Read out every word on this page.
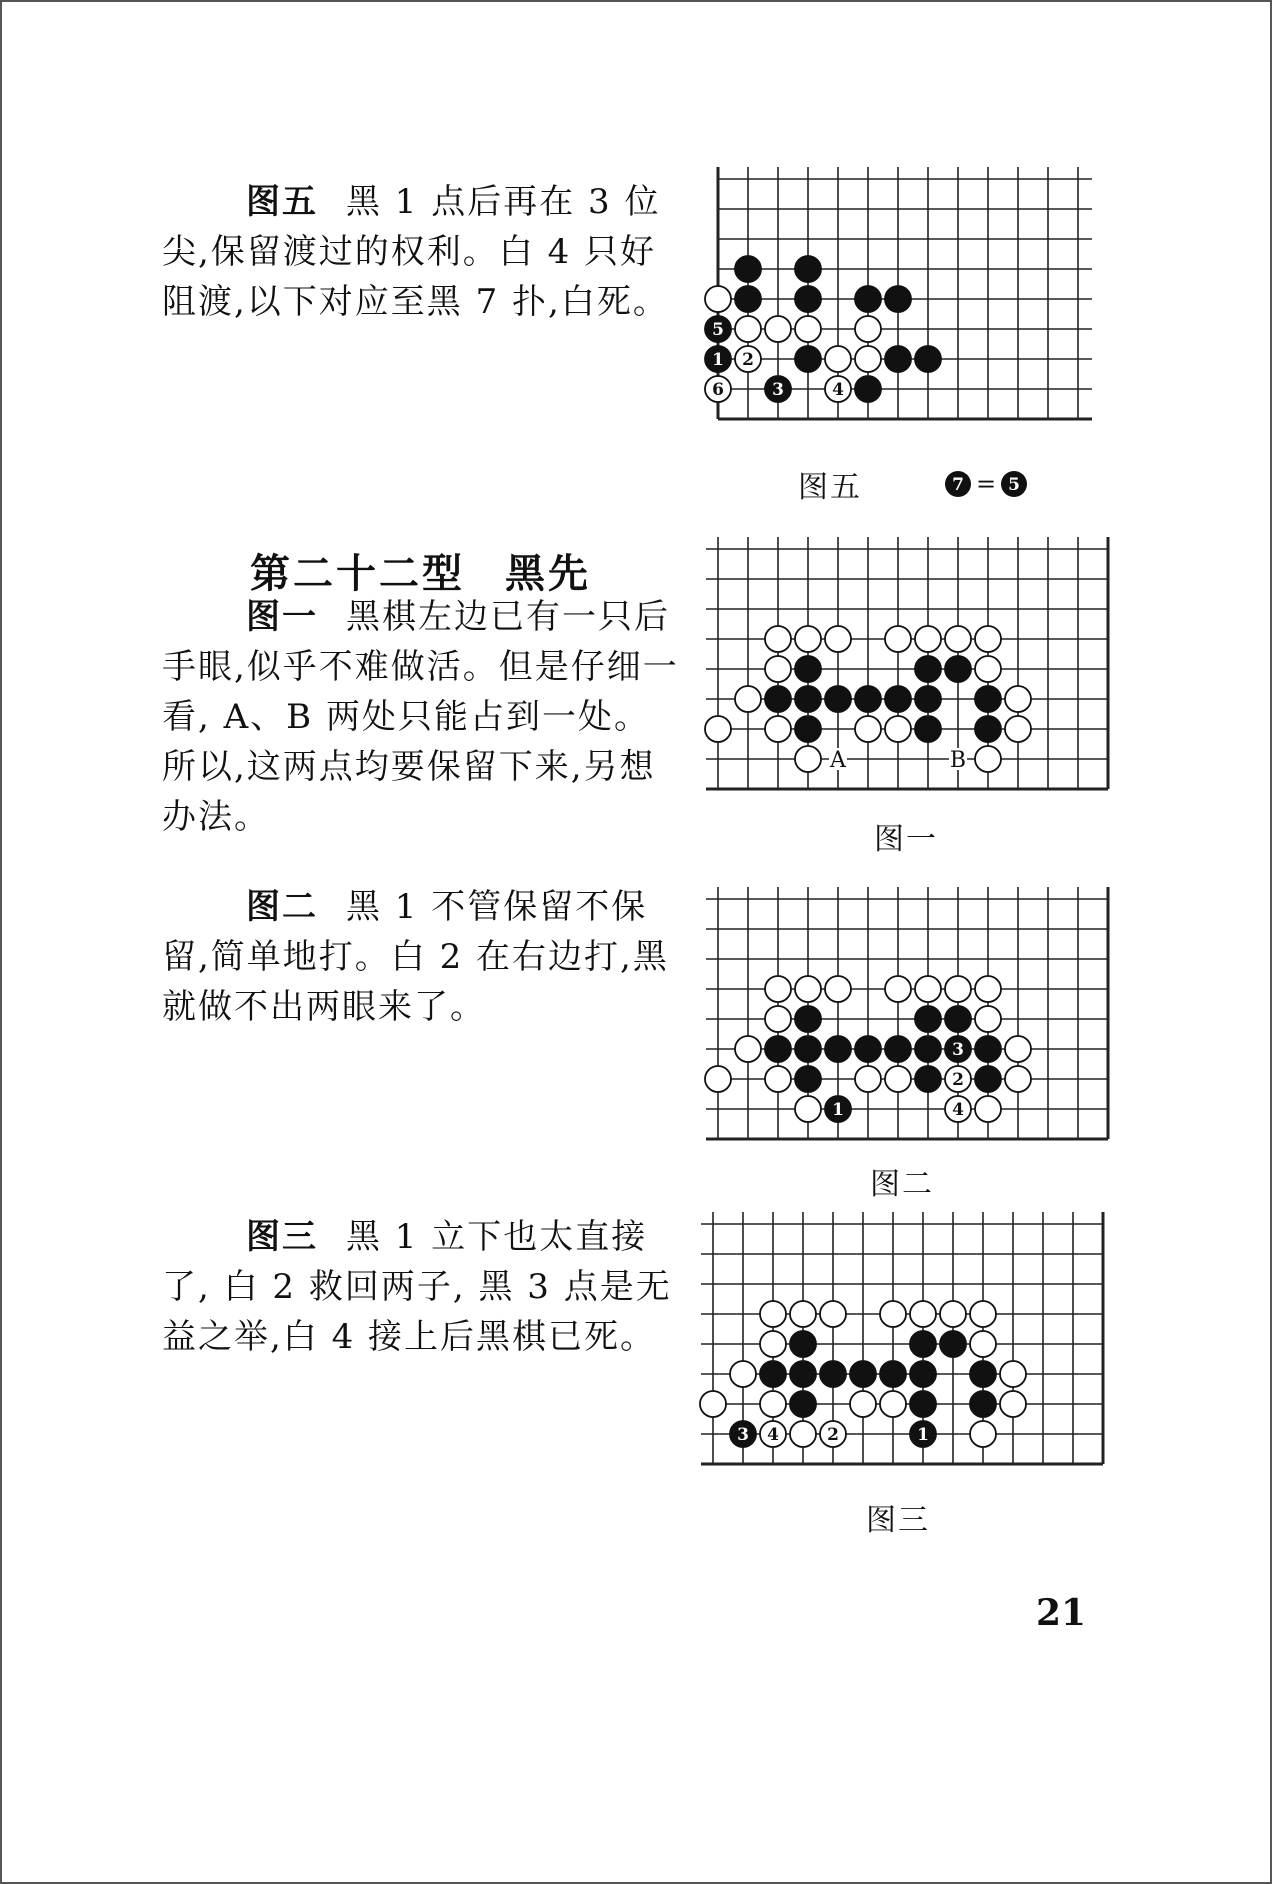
图五 黑 1 点后再在 3 位尖,保留渡过的权利。白 4 只好阻渡,以下对应至黑 7 扑,白死。

第二十二型 黑先

图一 黑棋左边已有一只后手眼,似乎不难做活。但是仔细一看, A、B 两处只能占到一处。所以,这两点均要保留下来,另想办法。

图二 黑 1 不管保留不保留,简单地打。白 2 在右边打,黑就做不出两眼来了。

图三 黑 1 立下也太直接了, 白 2 救回两子, 黑 3 点是无益之举,白 4 接上后黑棋已死。

5
1 2
6	3	4
图五	7 = 5
A	B
图一
3
2
1	4
图二
3 4	2	1
图三
21
